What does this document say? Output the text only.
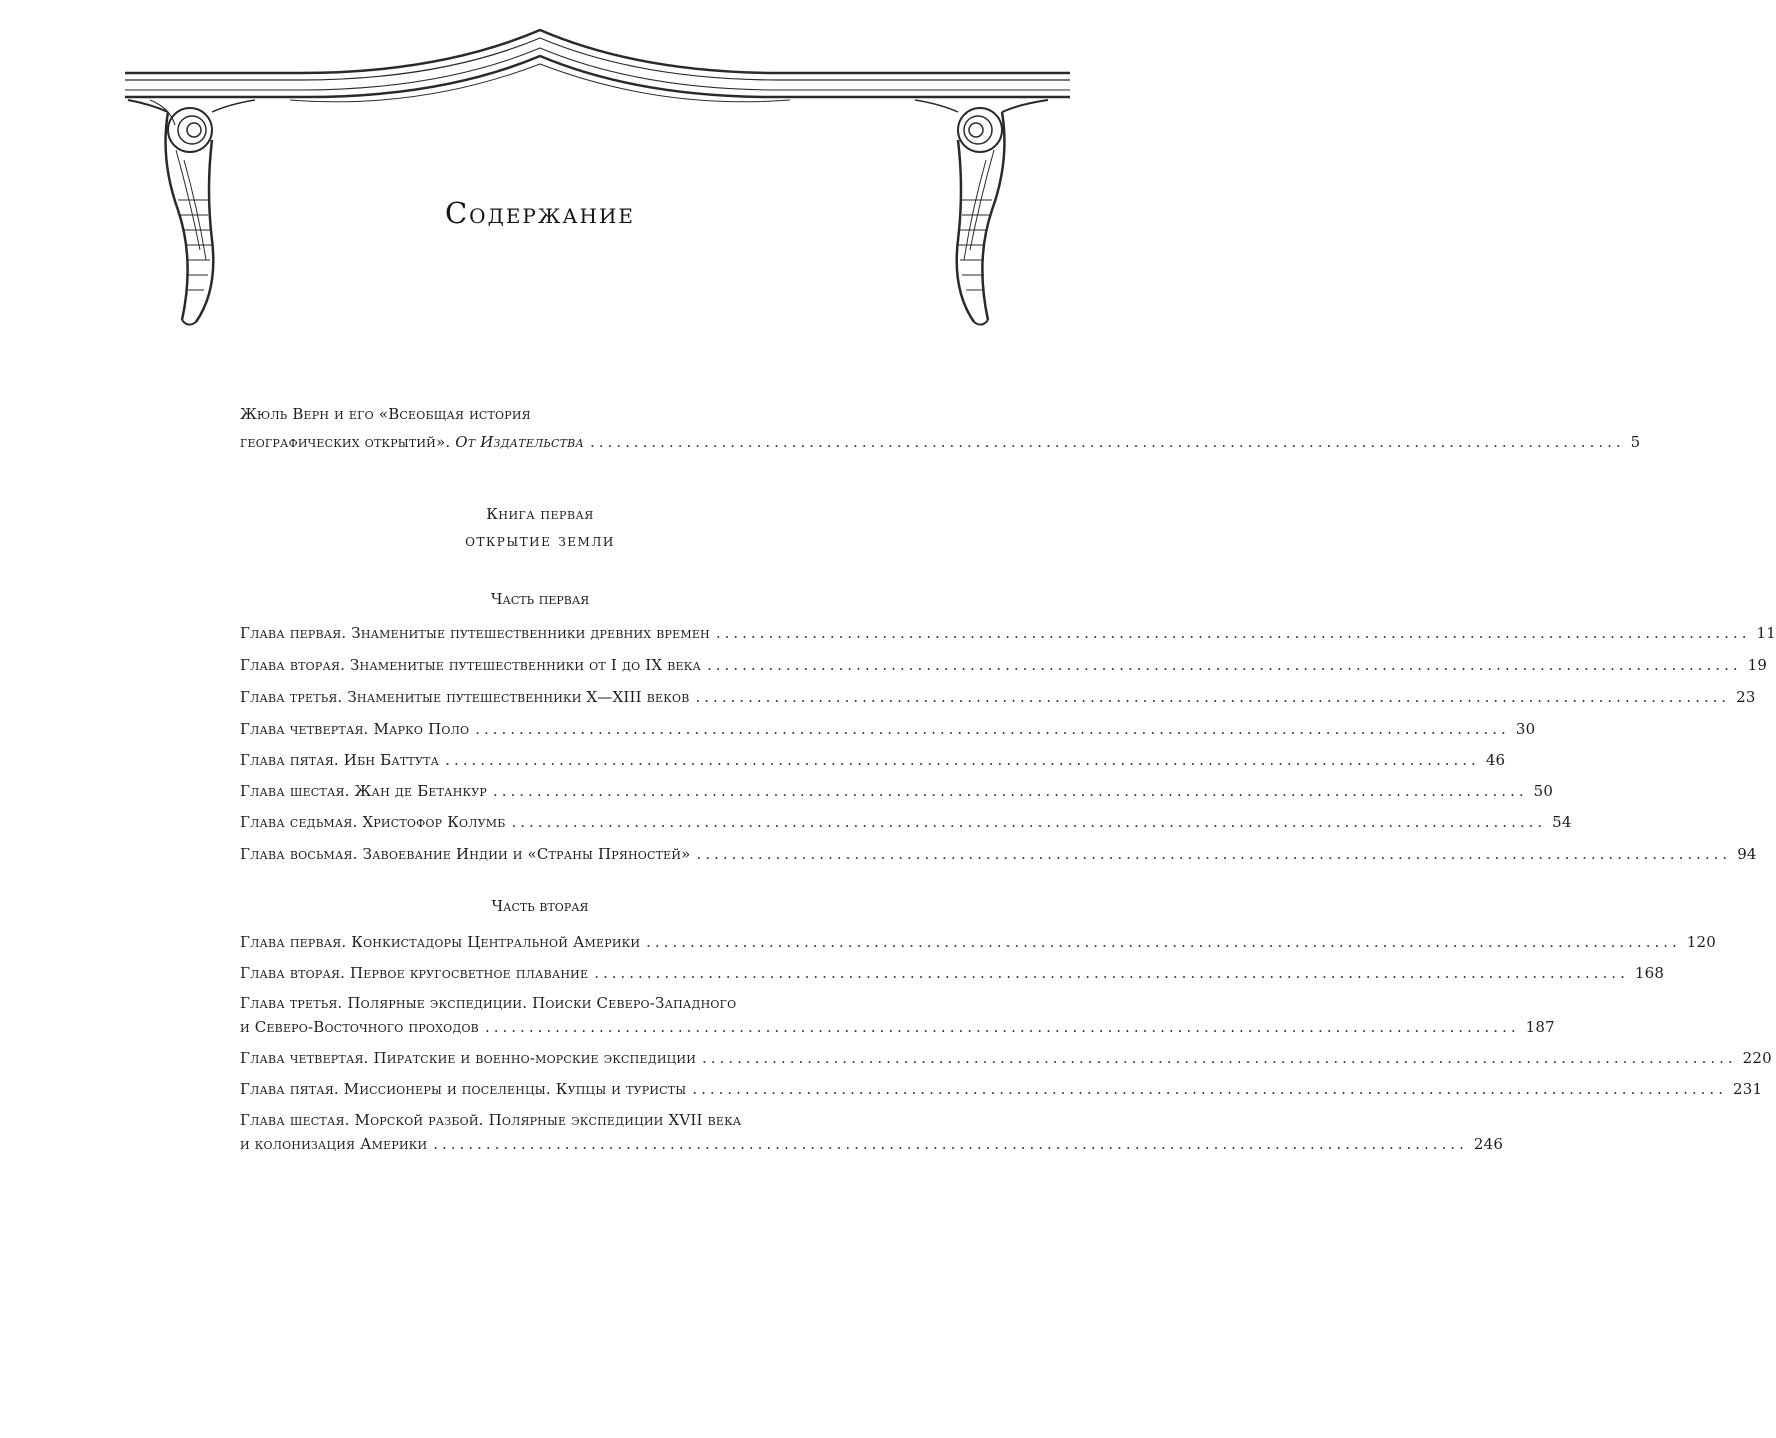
Содержание
Жюль Верн и его «Всеобщая история
географических открытий». От Издательства ...................................................................................................................... 5
Книга первая
открытие земли
Часть первая
Глава первая. Знаменитые путешественники древних времен ...................................................................................................................... 11
Глава вторая. Знаменитые путешественники от I до IX века ...................................................................................................................... 19
Глава третья. Знаменитые путешественники X—XIII веков ...................................................................................................................... 23
Глава четвертая. Марко Поло ...................................................................................................................... 30
Глава пятая. Ибн Баттута ...................................................................................................................... 46
Глава шестая. Жан де Бетанкур ...................................................................................................................... 50
Глава седьмая. Христофор Колумб ...................................................................................................................... 54
Глава восьмая. Завоевание Индии и «Страны Пряностей» ...................................................................................................................... 94
Часть вторая
Глава первая. Конкистадоры Центральной Америки ...................................................................................................................... 120
Глава вторая. Первое кругосветное плавание ...................................................................................................................... 168
Глава третья. Полярные экспедиции. Поиски Северо-Западного
и Северо-Восточного проходов ...................................................................................................................... 187
Глава четвертая. Пиратские и военно-морские экспедиции ...................................................................................................................... 220
Глава пятая. Миссионеры и поселенцы. Купцы и туристы ...................................................................................................................... 231
Глава шестая. Морской разбой. Полярные экспедиции XVII века
и колонизация Америки ...................................................................................................................... 246
